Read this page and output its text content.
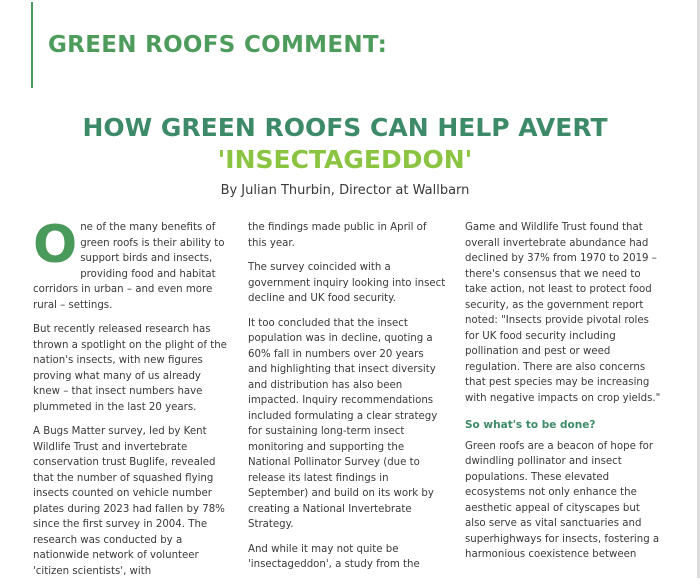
GREEN ROOFS COMMENT:
HOW GREEN ROOFS CAN HELP AVERT
'INSECTAGEDDON'
By Julian Thurbin, Director at Wallbarn

One of the many benefits of green roofs is their ability to support birds and insects, providing food and habitat corridors in urban – and even more rural – settings.

But recently released research has thrown a spotlight on the plight of the nation's insects, with new figures proving what many of us already knew – that insect numbers have plummeted in the last 20 years.

A Bugs Matter survey, led by Kent Wildlife Trust and invertebrate conservation trust Buglife, revealed that the number of squashed flying insects counted on vehicle number plates during 2023 had fallen by 78% since the first survey in 2004. The research was conducted by a nationwide network of volunteer 'citizen scientists', with

the findings made public in April of this year.

The survey coincided with a government inquiry looking into insect decline and UK food security.

It too concluded that the insect population was in decline, quoting a 60% fall in numbers over 20 years and highlighting that insect diversity and distribution has also been impacted. Inquiry recommendations included formulating a clear strategy for sustaining long-term insect monitoring and supporting the National Pollinator Survey (due to release its latest findings in September) and build on its work by creating a National Invertebrate Strategy.

And while it may not quite be 'insectageddon', a study from the

Game and Wildlife Trust found that overall invertebrate abundance had declined by 37% from 1970 to 2019 – there's consensus that we need to take action, not least to protect food security, as the government report noted: "Insects provide pivotal roles for UK food security including pollination and pest or weed regulation. There are also concerns that pest species may be increasing with negative impacts on crop yields."

So what's to be done?

Green roofs are a beacon of hope for dwindling pollinator and insect populations. These elevated ecosystems not only enhance the aesthetic appeal of cityscapes but also serve as vital sanctuaries and superhighways for insects, fostering a harmonious coexistence between
